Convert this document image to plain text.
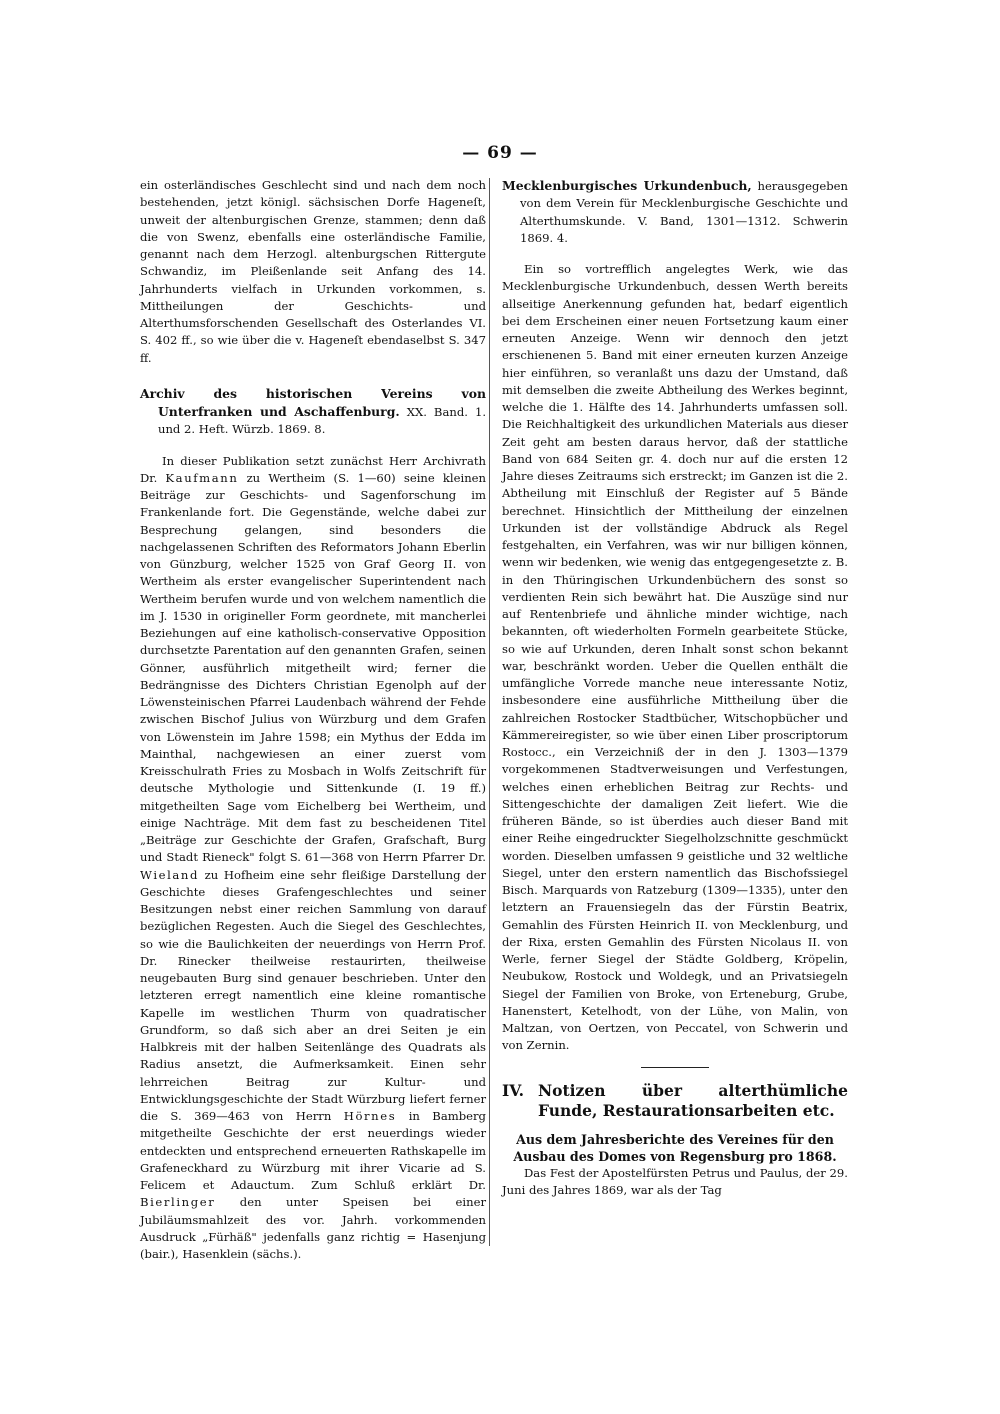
— 69 —

ein osterländisches Geschlecht sind und nach dem noch bestehenden, jetzt königl. sächsischen Dorfe Hageneſt, unweit der altenburgischen Grenze, stammen; denn daß die von Swenz, ebenfalls eine osterländische Familie, genannt nach dem Herzogl. altenburgschen Rittergute Schwandiz, im Pleißenlande seit Anfang des 14. Jahrhunderts vielfach in Urkunden vorkommen, s. Mittheilungen der Geschichts- und Alterthumsforschenden Gesellschaft des Osterlandes VI. S. 402 ff., so wie über die v. Hageneſt ebendaselbst S. 347 ff.

Archiv des historischen Vereins von Unterfranken und Aschaffenburg. XX. Band. 1. und 2. Heft. Würzb. 1869. 8.

In dieser Publikation setzt zunächst Herr Archivrath Dr. Kaufmann zu Wertheim (S. 1—60) seine kleinen Beiträge zur Geschichts- und Sagenforschung im Frankenlande fort. Die Gegenstände, welche dabei zur Besprechung gelangen, sind besonders die nachgelassenen Schriften des Reformators Johann Eberlin von Günzburg, welcher 1525 von Graf Georg II. von Wertheim als erster evangelischer Superintendent nach Wertheim berufen wurde und von welchem namentlich die im J. 1530 in origineller Form geordnete, mit mancherlei Beziehungen auf eine katholisch-conservative Opposition durchsetzte Parentation auf den genannten Grafen, seinen Gönner, ausführlich mitgetheilt wird; ferner die Bedrängnisse des Dichters Christian Egenolph auf der Löwensteinischen Pfarrei Laudenbach während der Fehde zwischen Bischof Julius von Würzburg und dem Grafen von Löwenstein im Jahre 1598; ein Mythus der Edda im Mainthal, nachgewiesen an einer zuerst vom Kreisschulrath Fries zu Mosbach in Wolfs Zeitschrift für deutsche Mythologie und Sittenkunde (I. 19 ff.) mitgetheilten Sage vom Eichelberg bei Wertheim, und einige Nachträge. Mit dem fast zu bescheidenen Titel „Beiträge zur Geschichte der Grafen, Grafschaft, Burg und Stadt Rieneck" folgt S. 61—368 von Herrn Pfarrer Dr. Wieland zu Hofheim eine sehr fleißige Darstellung der Geschichte dieses Grafengeschlechtes und seiner Besitzungen nebst einer reichen Sammlung von darauf bezüglichen Regesten. Auch die Siegel des Geschlechtes, so wie die Baulichkeiten der neuerdings von Herrn Prof. Dr. Rinecker theilweise restaurirten, theilweise neugebauten Burg sind genauer beschrieben. Unter den letzteren erregt namentlich eine kleine romantische Kapelle im westlichen Thurm von quadratischer Grundform, so daß sich aber an drei Seiten je ein Halbkreis mit der halben Seitenlänge des Quadrats als Radius ansetzt, die Aufmerksamkeit. Einen sehr lehrreichen Beitrag zur Kultur- und Entwicklungsgeschichte der Stadt Würzburg liefert ferner die S. 369—463 von Herrn Hörnes in Bamberg mitgetheilte Geschichte der erst neuerdings wieder entdeckten und entsprechend erneuerten Rathskapelle im Grafeneckhard zu Würzburg mit ihrer Vicarie ad S. Felicem et Adauctum. Zum Schluß erklärt Dr. Bierlinger den unter Speisen bei einer Jubiläumsmahlzeit des vor. Jahrh. vorkommenden Ausdruck „Fürhäß" jedenfalls ganz richtig = Hasenjung (bair.), Hasenklein (sächs.).

Mecklenburgisches Urkundenbuch, herausgegeben von dem Verein für Mecklenburgische Geschichte und Alterthumskunde. V. Band, 1301—1312. Schwerin 1869. 4.

Ein so vortrefflich angelegtes Werk, wie das Mecklenburgische Urkundenbuch, dessen Werth bereits allseitige Anerkennung gefunden hat, bedarf eigentlich bei dem Erscheinen einer neuen Fortsetzung kaum einer erneuten Anzeige. Wenn wir dennoch den jetzt erschienenen 5. Band mit einer erneuten kurzen Anzeige hier einführen, so veranlaßt uns dazu der Umstand, daß mit demselben die zweite Abtheilung des Werkes beginnt, welche die 1. Hälfte des 14. Jahrhunderts umfassen soll. Die Reichhaltigkeit des urkundlichen Materials aus dieser Zeit geht am besten daraus hervor, daß der stattliche Band von 684 Seiten gr. 4. doch nur auf die ersten 12 Jahre dieses Zeitraums sich erstreckt; im Ganzen ist die 2. Abtheilung mit Einschluß der Register auf 5 Bände berechnet. Hinsichtlich der Mittheilung der einzelnen Urkunden ist der vollständige Abdruck als Regel festgehalten, ein Verfahren, was wir nur billigen können, wenn wir bedenken, wie wenig das entgegengesetzte z. B. in den Thüringischen Urkundenbüchern des sonst so verdienten Rein sich bewährt hat. Die Auszüge sind nur auf Rentenbriefe und ähnliche minder wichtige, nach bekannten, oft wiederholten Formeln gearbeitete Stücke, so wie auf Urkunden, deren Inhalt sonst schon bekannt war, beschränkt worden. Ueber die Quellen enthält die umfängliche Vorrede manche neue interessante Notiz, insbesondere eine ausführliche Mittheilung über die zahlreichen Rostocker Stadtbücher, Witschopbücher und Kämmereiregister, so wie über einen Liber proscriptorum Rostocc., ein Verzeichniß der in den J. 1303—1379 vorgekommenen Stadtverweisungen und Verfestungen, welches einen erheblichen Beitrag zur Rechts- und Sittengeschichte der damaligen Zeit liefert. Wie die früheren Bände, so ist überdies auch dieser Band mit einer Reihe eingedruckter Siegelholzschnitte geschmückt worden. Dieselben umfassen 9 geistliche und 32 weltliche Siegel, unter den erstern namentlich das Bischofssiegel Bisch. Marquards von Ratzeburg (1309—1335), unter den letztern an Frauensiegeln das der Fürstin Beatrix, Gemahlin des Fürsten Heinrich II. von Mecklenburg, und der Rixa, ersten Gemahlin des Fürsten Nicolaus II. von Werle, ferner Siegel der Städte Goldberg, Kröpelin, Neubukow, Rostock und Woldegk, und an Privatsiegeln Siegel der Familien von Broke, von Erteneburg, Grube, Hanenstert, Ketelhodt, von der Lühe, von Malin, von Maltzan, von Oertzen, von Peccatel, von Schwerin und von Zernin.

IV. Notizen über alterthümliche Funde, Restaurationsarbeiten etc.

Aus dem Jahresberichte des Vereines für den Ausbau des Domes von Regensburg pro 1868.

Das Fest der Apostelfürsten Petrus und Paulus, der 29. Juni des Jahres 1869, war als der Tag
